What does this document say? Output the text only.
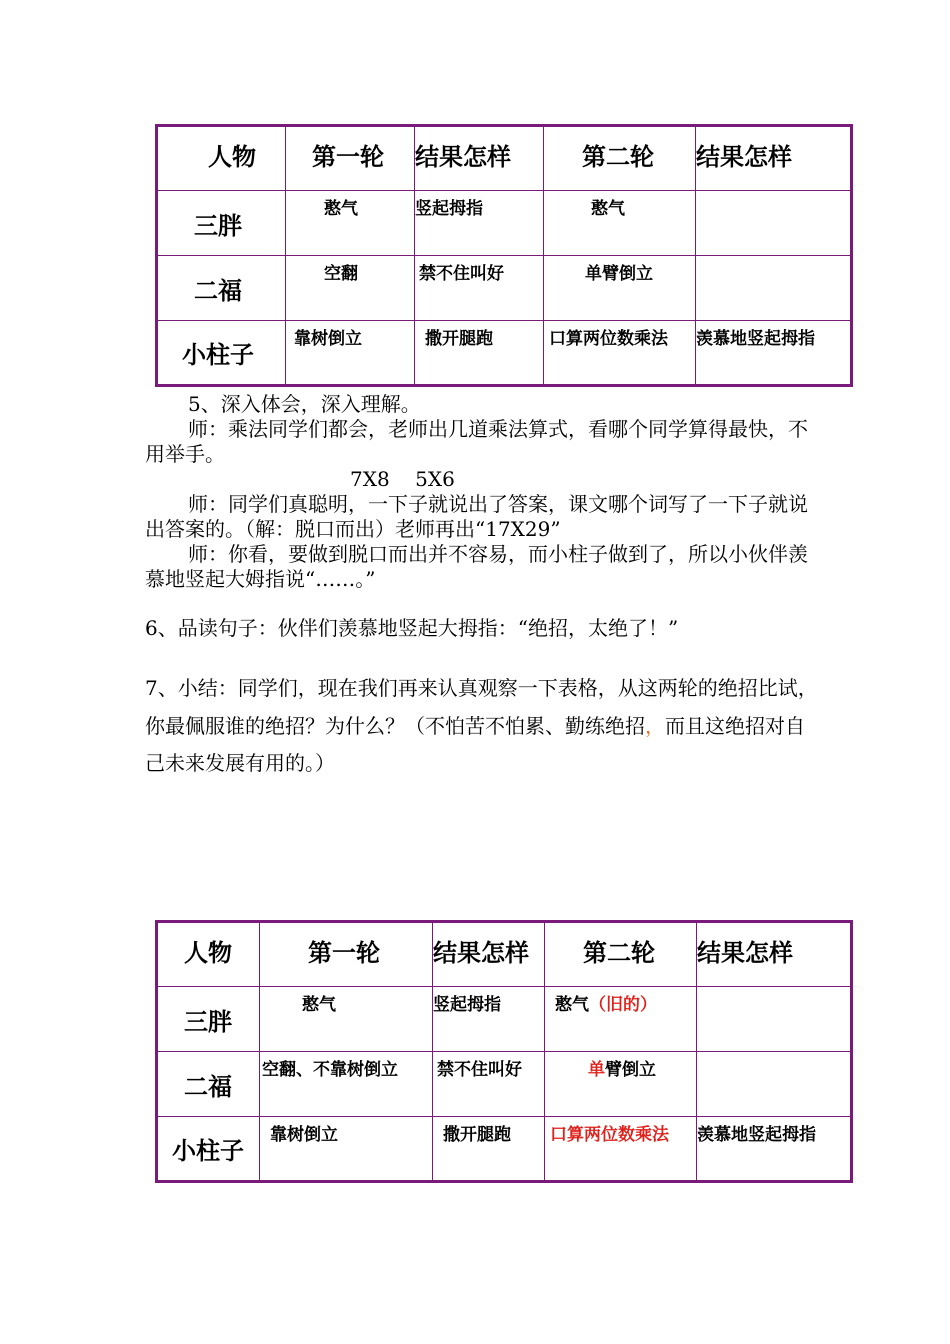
人物	第一轮	结果怎样	第二轮	结果怎样
三胖	憨气	竖起拇指	憨气	
二福	空翻	禁不住叫好	单臂倒立	
小柱子	靠树倒立	撒开腿跑	口算两位数乘法	羡慕地竖起拇指
5、深入体会，深入理解。
师：乘法同学们都会，老师出几道乘法算式，看哪个同学算得最快，不
用举手。
7X8    5X6
师：同学们真聪明，一下子就说出了答案，课文哪个词写了一下子就说
出答案的。（解：脱口而出）老师再出“17X29”
师：你看，要做到脱口而出并不容易，而小柱子做到了，所以小伙伴羡
慕地竖起大姆指说“……。”
6、品读句子：伙伴们羡慕地竖起大拇指：“绝招，太绝了！”
7、小结：同学们，现在我们再来认真观察一下表格，从这两轮的绝招比试，
你最佩服谁的绝招？为什么？（不怕苦不怕累、勤练绝招，而且这绝招对自
己未来发展有用的。）
人物	第一轮	结果怎样	第二轮	结果怎样
三胖	憨气	竖起拇指	憨气（旧的）	
二福	空翻、不靠树倒立	禁不住叫好	单臂倒立	
小柱子	靠树倒立	撒开腿跑	口算两位数乘法	羡慕地竖起拇指
